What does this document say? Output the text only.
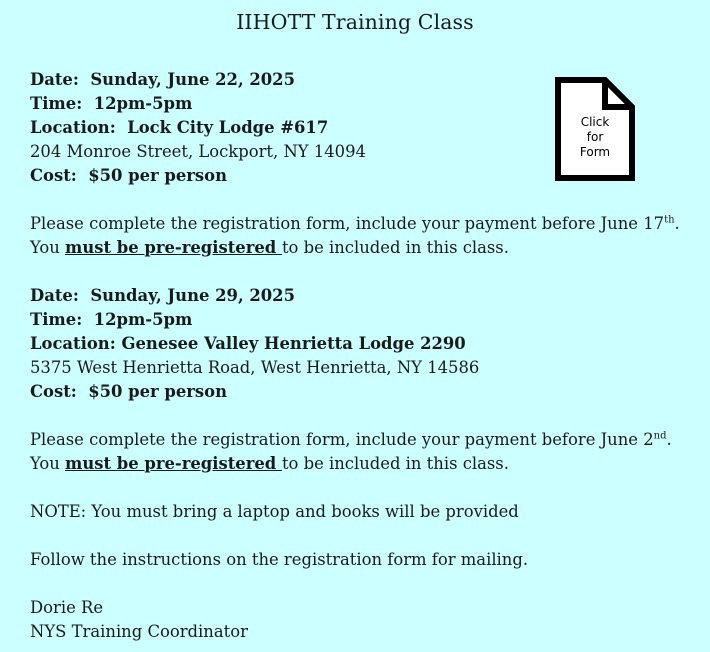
IIHOTT Training Class
Date: Sunday, June 22, 2025
Time: 12pm-5pm
Location: Lock City Lodge #617
204 Monroe Street, Lockport, NY 14094
Cost: $50 per person
Please complete the registration form, include your payment before June 17th.
You must be pre-registered to be included in this class.
Date: Sunday, June 29, 2025
Time: 12pm-5pm
Location: Genesee Valley Henrietta Lodge 2290
5375 West Henrietta Road, West Henrietta, NY 14586
Cost: $50 per person
Please complete the registration form, include your payment before June 2nd.
You must be pre-registered to be included in this class.
NOTE: You must bring a laptop and books will be provided
Follow the instructions on the registration form for mailing.
Dorie Re
NYS Training Coordinator
Click
for
Form
